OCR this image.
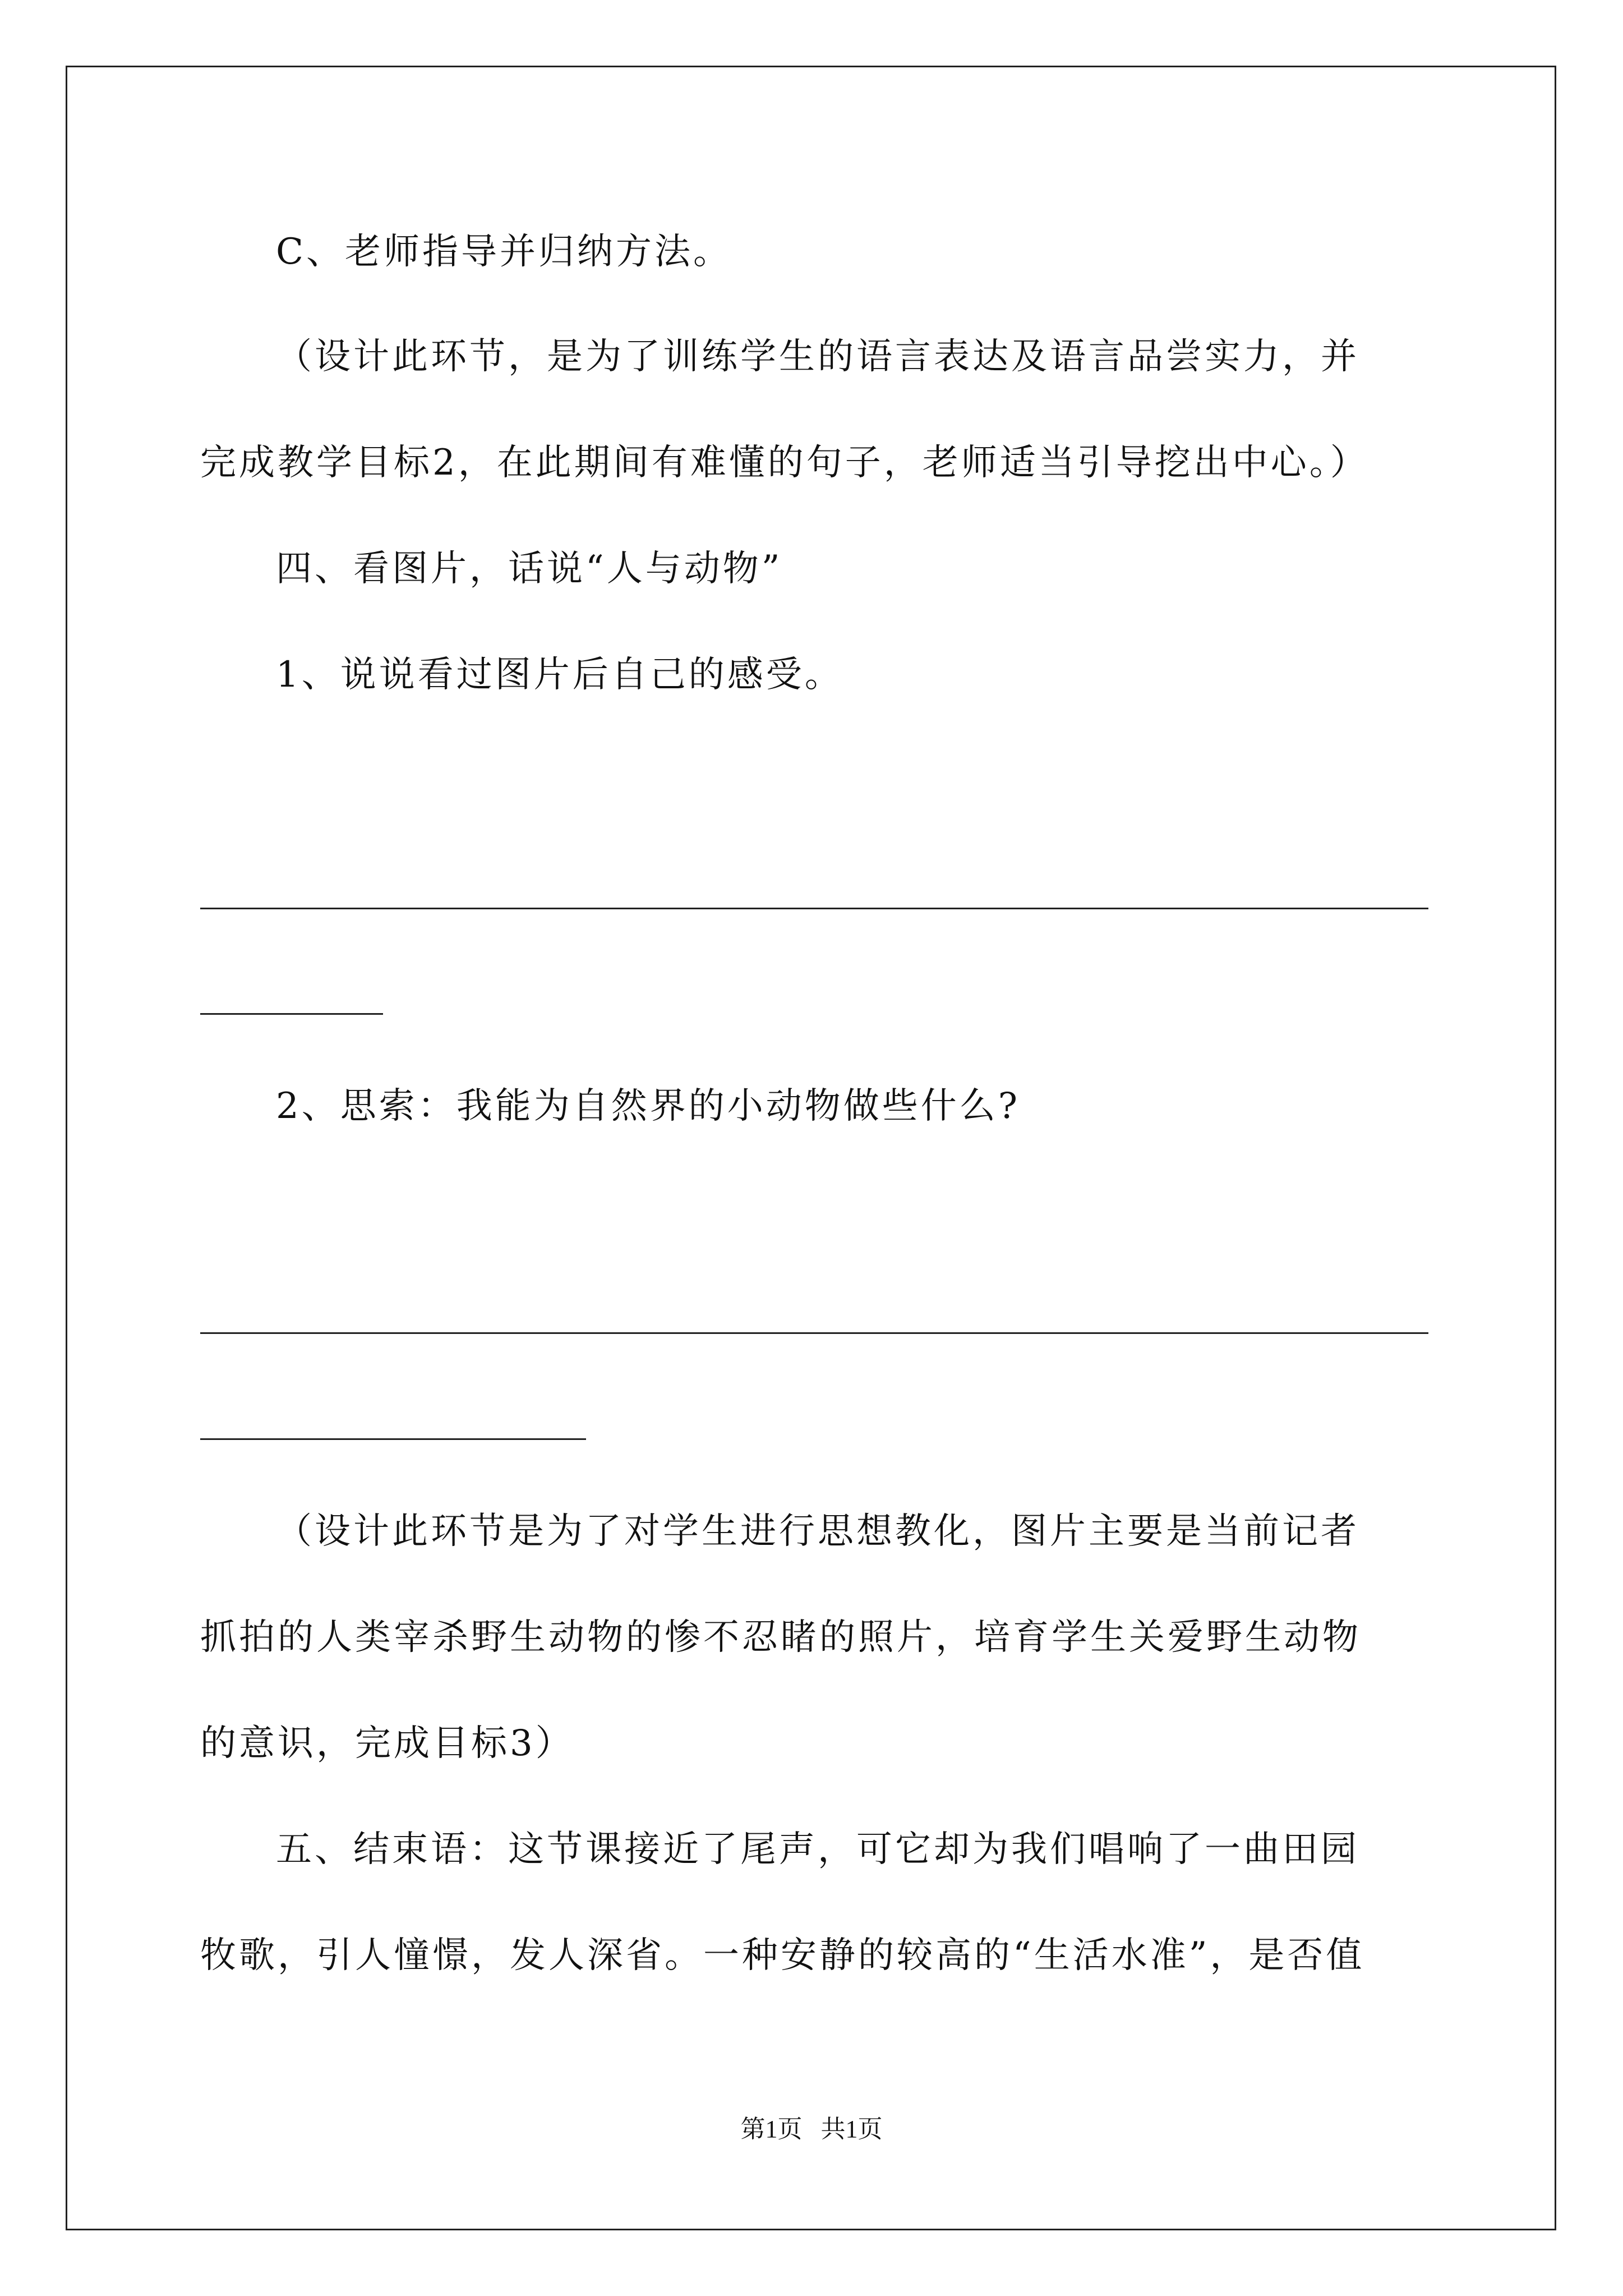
C、老师指导并归纳方法。
（设计此环节，是为了训练学生的语言表达及语言品尝实力，并
完成教学目标2，在此期间有难懂的句子，老师适当引导挖出中心。）
四、看图片，话说“人与动物”
1、说说看过图片后自己的感受。
2、思索：我能为自然界的小动物做些什么?
（设计此环节是为了对学生进行思想教化，图片主要是当前记者
抓拍的人类宰杀野生动物的惨不忍睹的照片，培育学生关爱野生动物
的意识，完成目标3）
五、结束语：这节课接近了尾声，可它却为我们唱响了一曲田园
牧歌，引人憧憬，发人深省。一种安静的较高的“生活水准”，是否值
第1页   共1页
